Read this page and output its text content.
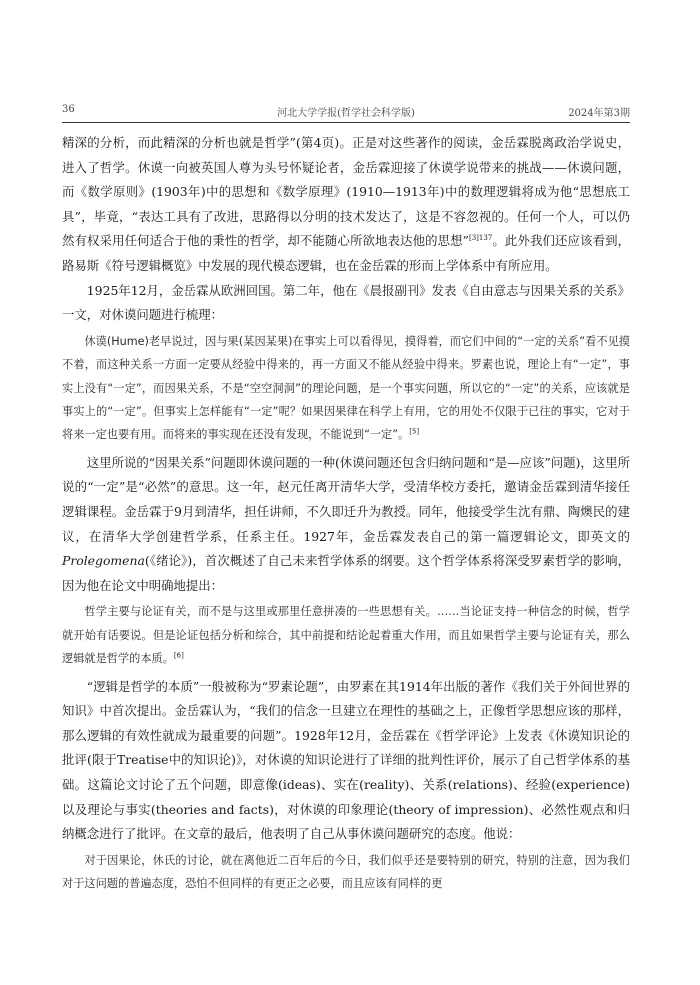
36	河北大学学报(哲学社会科学版)	2024年第3期

精深的分析，而此精深的分析也就是哲学”(第4页)。正是对这些著作的阅读，金岳霖脱离政治学说史，进入了哲学。休谟一向被英国人尊为头号怀疑论者，金岳霖迎接了休谟学说带来的挑战——休谟问题，而《数学原则》(1903年)中的思想和《数学原理》(1910—1913年)中的数理逻辑将成为他“思想底工具”，毕竟，“表达工具有了改进，思路得以分明的技术发达了，这是不容忽视的。任何一个人，可以仍然有权采用任何适合于他的秉性的哲学，却不能随心所欲地表达他的思想”$^{[3]137}$。此外我们还应该看到，路易斯《符号逻辑概览》中发展的现代模态逻辑，也在金岳霖的形而上学体系中有所应用。

1925年12月，金岳霖从欧洲回国。第二年，他在《晨报副刊》发表《自由意志与因果关系的关系》一文，对休谟问题进行梳理：

休谟(Hume)老早说过，因与果(某因某果)在事实上可以看得见，摸得着，而它们中间的“一定的关系”看不见摸不着，而这种关系一方面一定要从经验中得来的，再一方面又不能从经验中得来。罗素也说，理论上有“一定”，事实上没有“一定”，而因果关系，不是“空空洞洞”的理论问题，是一个事实问题，所以它的“一定”的关系，应该就是事实上的“一定”。但事实上怎样能有“一定”呢？如果因果律在科学上有用，它的用处不仅限于已往的事实，它对于将来一定也要有用。而将来的事实现在还没有发现，不能说到“一定”。[5]

这里所说的“因果关系”问题即休谟问题的一种(休谟问题还包含归纳问题和“是—应该”问题)，这里所说的“一定”是“必然”的意思。这一年，赵元任离开清华大学，受清华校方委托，邀请金岳霖到清华接任逻辑课程。金岳霖于9月到清华，担任讲师，不久即迁升为教授。同年，他接受学生沈有鼎、陶燠民的建议，在清华大学创建哲学系，任系主任。1927年，金岳霖发表自己的第一篇逻辑论文，即英文的Prolegomena(《绪论》)，首次概述了自己未来哲学体系的纲要。这个哲学体系将深受罗素哲学的影响，因为他在论文中明确地提出：

哲学主要与论证有关，而不是与这里或那里任意拼凑的一些思想有关。……当论证支持一种信念的时候，哲学就开始有话要说。但是论证包括分析和综合，其中前提和结论起着重大作用，而且如果哲学主要与论证有关，那么逻辑就是哲学的本质。[6]

“逻辑是哲学的本质”一般被称为“罗素论题”，由罗素在其1914年出版的著作《我们关于外间世界的知识》中首次提出。金岳霖认为，“我们的信念一旦建立在理性的基础之上，正像哲学思想应该的那样，那么逻辑的有效性就成为最重要的问题”。1928年12月，金岳霖在《哲学评论》上发表《休谟知识论的批评(限于Treatise中的知识论)》，对休谟的知识论进行了详细的批判性评价，展示了自己哲学体系的基础。这篇论文讨论了五个问题，即意像(ideas)、实在(reality)、关系(relations)、经验(experience)以及理论与事实(theories and facts)，对休谟的印象理论(theory of impression)、必然性观点和归纳概念进行了批评。在文章的最后，他表明了自己从事休谟问题研究的态度。他说：

对于因果论，休氏的讨论，就在离他近二百年后的今日，我们似乎还是要特别的研究，特别的注意，因为我们对于这问题的普遍态度，恐怕不但同样的有更正之必要，而且应该有同样的更
